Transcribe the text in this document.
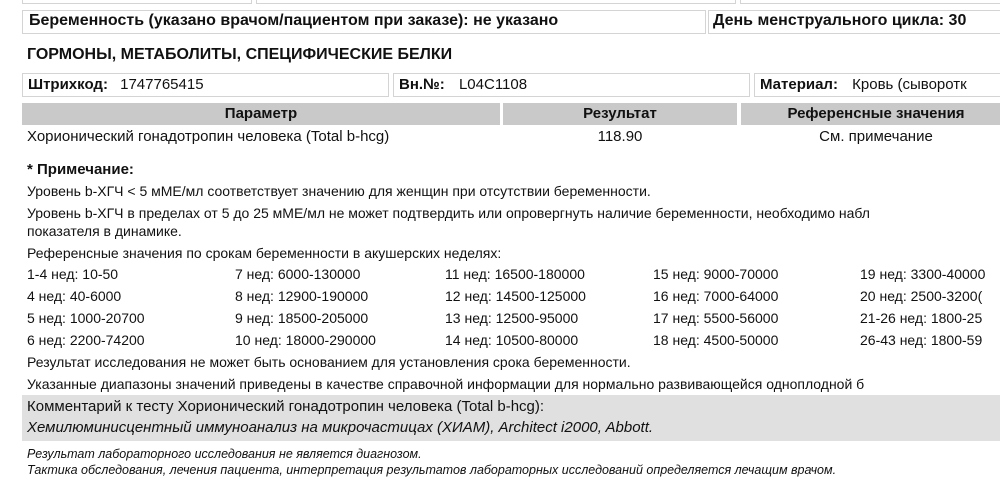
Беременность (указано врачом/пациентом при заказе): не указано	День менструального цикла: 30
ГОРМОНЫ, МЕТАБОЛИТЫ, СПЕЦИФИЧЕСКИЕ БЕЛКИ
Штрихкод: 1747765415	Вн.№: L04C1108	Материал: Кровь (сыворотк
Параметр	Результат	Референсные значения
Хорионический гонадотропин человека (Total b-hcg)	118.90	См. примечание
* Примечание:
Уровень b-ХГЧ < 5 мМЕ/мл соответствует значению для женщин при отсутствии беременности.
Уровень b-ХГЧ в пределах от 5 до 25 мМЕ/мл не может подтвердить или опровергнуть наличие беременности, необходимо набл
показателя в динамике.
Референсные значения по срокам беременности в акушерских неделях:
1-4 нед: 10-50	7 нед: 6000-130000	11 нед: 16500-180000	15 нед: 9000-70000	19 нед: 3300-40000
4 нед: 40-6000	8 нед: 12900-190000	12 нед: 14500-125000	16 нед: 7000-64000	20 нед: 2500-3200(
5 нед: 1000-20700	9 нед: 18500-205000	13 нед: 12500-95000	17 нед: 5500-56000	21-26 нед: 1800-25
6 нед: 2200-74200	10 нед: 18000-290000	14 нед: 10500-80000	18 нед: 4500-50000	26-43 нед: 1800-59
Результат исследования не может быть основанием для установления срока беременности.
Указанные диапазоны значений приведены в качестве справочной информации для нормально развивающейся одноплодной б
Комментарий к тесту Хорионический гонадотропин человека (Total b-hcg):
Хемилюминисцентный иммуноанализ на микрочастицах (ХИАМ), Architect i2000, Abbott.
Результат лабораторного исследования не является диагнозом.
Тактика обследования, лечения пациента, интерпретация результатов лабораторных исследований определяется лечащим врачом.
